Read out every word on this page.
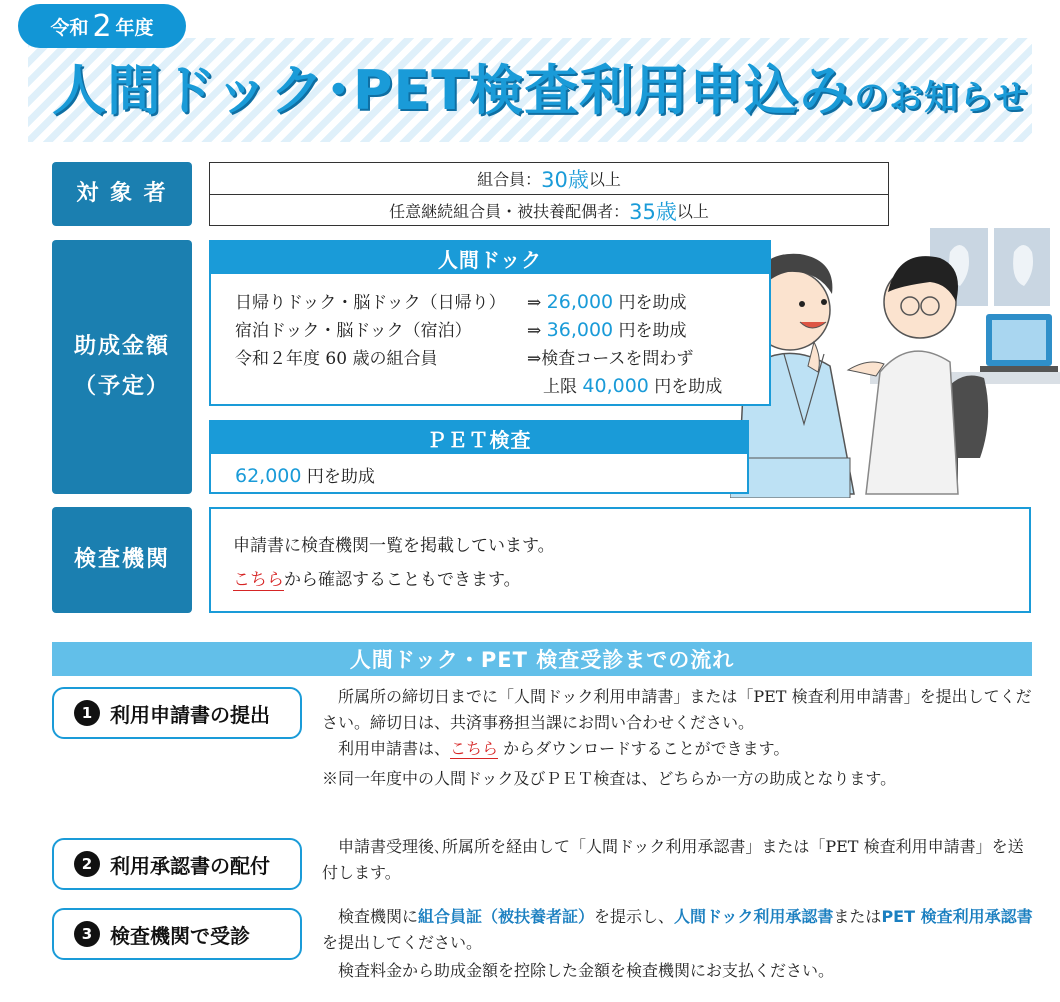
令和 2 年度
人間ドック･PET検査利用申込みのお知らせ
対 象 者
組合員： 30歳 以上
任意継続組合員・被扶養配偶者： 35歳 以上
助成金額
（予定）
人間ドック
日帰りドック・脳ドック（日帰り） ⇒ 26,000 円を助成
宿泊ドック・脳ドック（宿泊）	⇒ 36,000 円を助成
令和２年度 60 歳の組合員	⇒検査コースを問わず
上限 40,000 円を助成
ＰＥＴ検査
62,000 円を助成
検査機関
申請書に検査機関一覧を掲載しています。
こちらから確認することもできます。
人間ドック・PET 検査受診までの流れ
1 利用申請書の提出
所属所の締切日までに「人間ドック利用申請書」または「PET 検査利用申請書」を提出してください。締切日は、共済事務担当課にお問い合わせください。
利用申請書は、こちら からダウンロードすることができます。
※同一年度中の人間ドック及びＰＥＴ検査は、どちらか一方の助成となります。
2 利用承認書の配付
申請書受理後､所属所を経由して「人間ドック利用承認書」または「PET 検査利用申請書」を送付します。
3 検査機関で受診
検査機関に組合員証（被扶養者証）を提示し、人間ドック利用承認書またはPET 検査利用承認書を提出してください。
検査料金から助成金額を控除した金額を検査機関にお支払ください。
